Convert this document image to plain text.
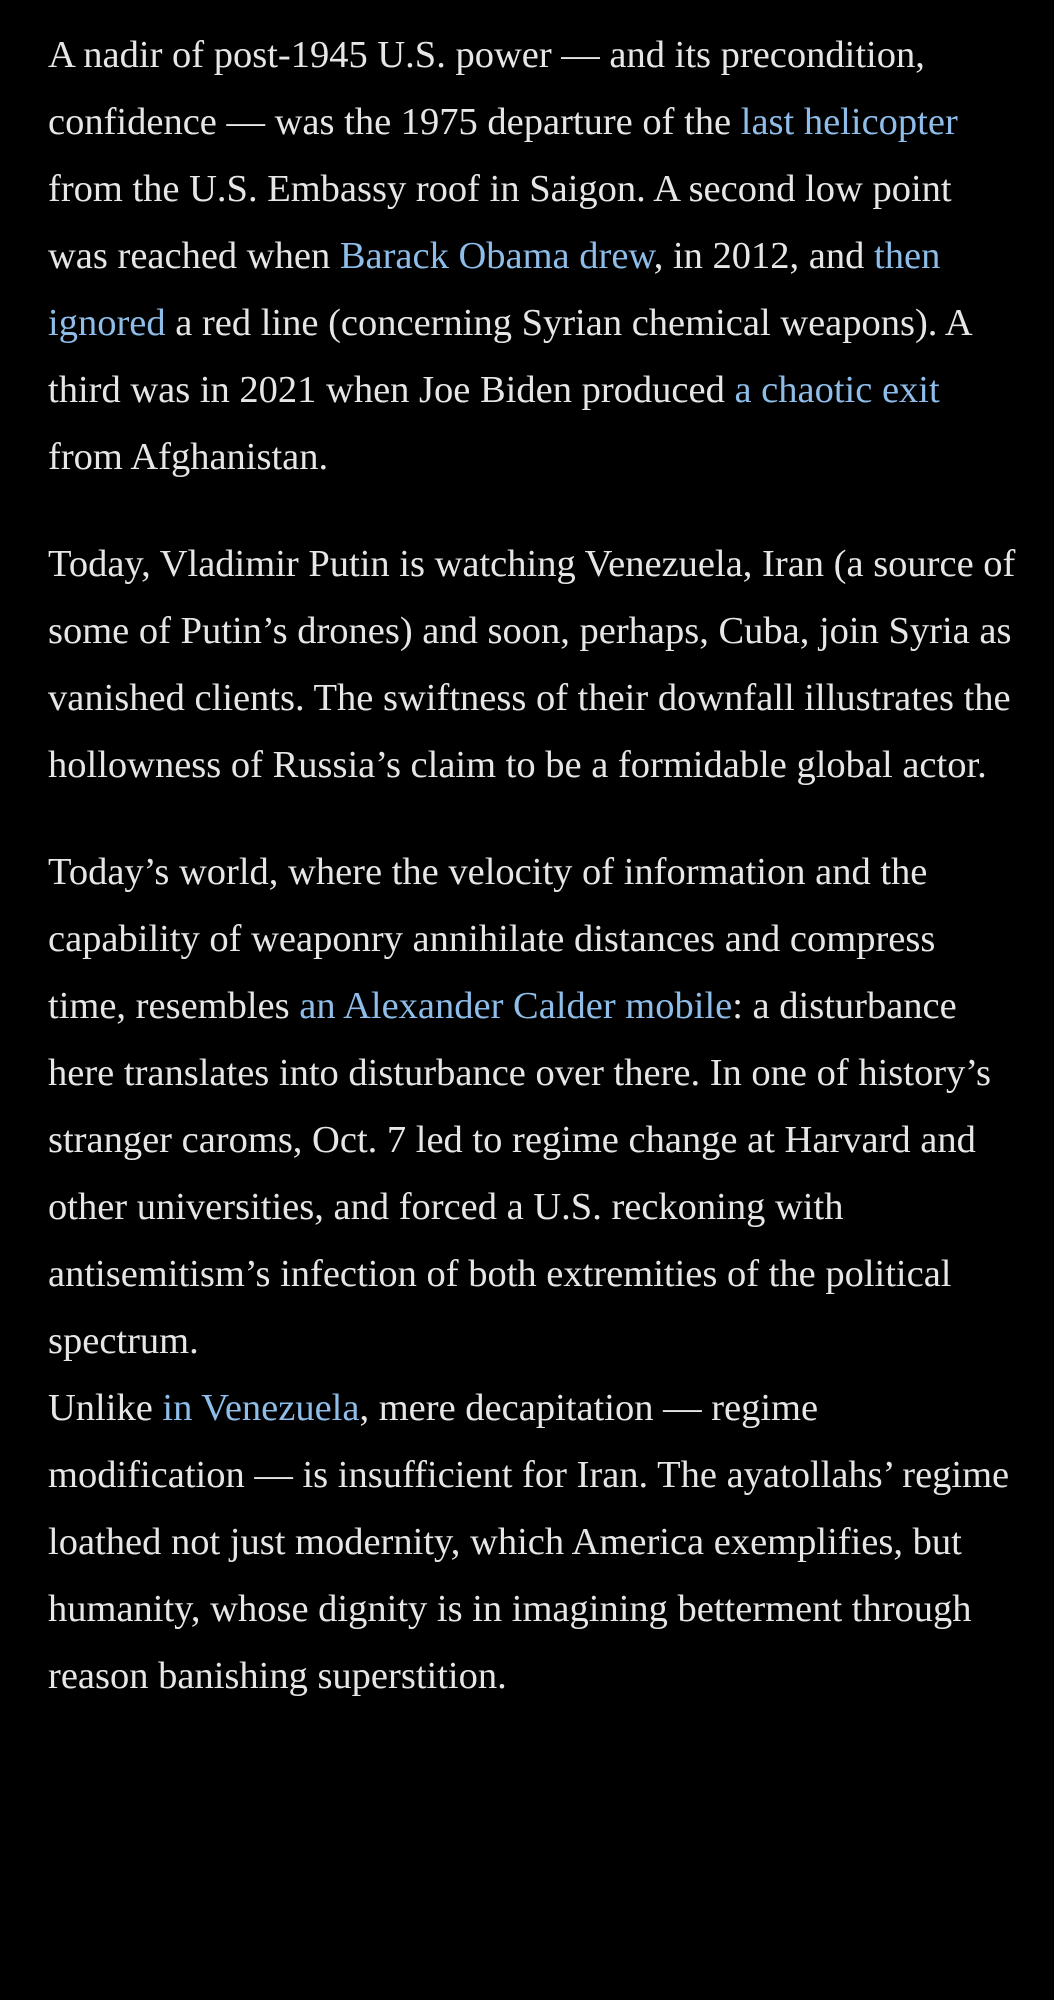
A nadir of post-1945 U.S. power — and its precondition, confidence — was the 1975 departure of the last helicopter from the U.S. Embassy roof in Saigon. A second low point was reached when Barack Obama drew, in 2012, and then ignored a red line (concerning Syrian chemical weapons). A third was in 2021 when Joe Biden produced a chaotic exit from Afghanistan.

Today, Vladimir Putin is watching Venezuela, Iran (a source of some of Putin’s drones) and soon, perhaps, Cuba, join Syria as vanished clients. The swiftness of their downfall illustrates the hollowness of Russia’s claim to be a formidable global actor.

Today’s world, where the velocity of information and the capability of weaponry annihilate distances and compress time, resembles an Alexander Calder mobile: a disturbance here translates into disturbance over there. In one of history’s stranger caroms, Oct. 7 led to regime change at Harvard and other universities, and forced a U.S. reckoning with antisemitism’s infection of both extremities of the political spectrum.

Unlike in Venezuela, mere decapitation — regime modification — is insufficient for Iran. The ayatollahs’ regime loathed not just modernity, which America exemplifies, but humanity, whose dignity is in imagining betterment through reason banishing superstition.
